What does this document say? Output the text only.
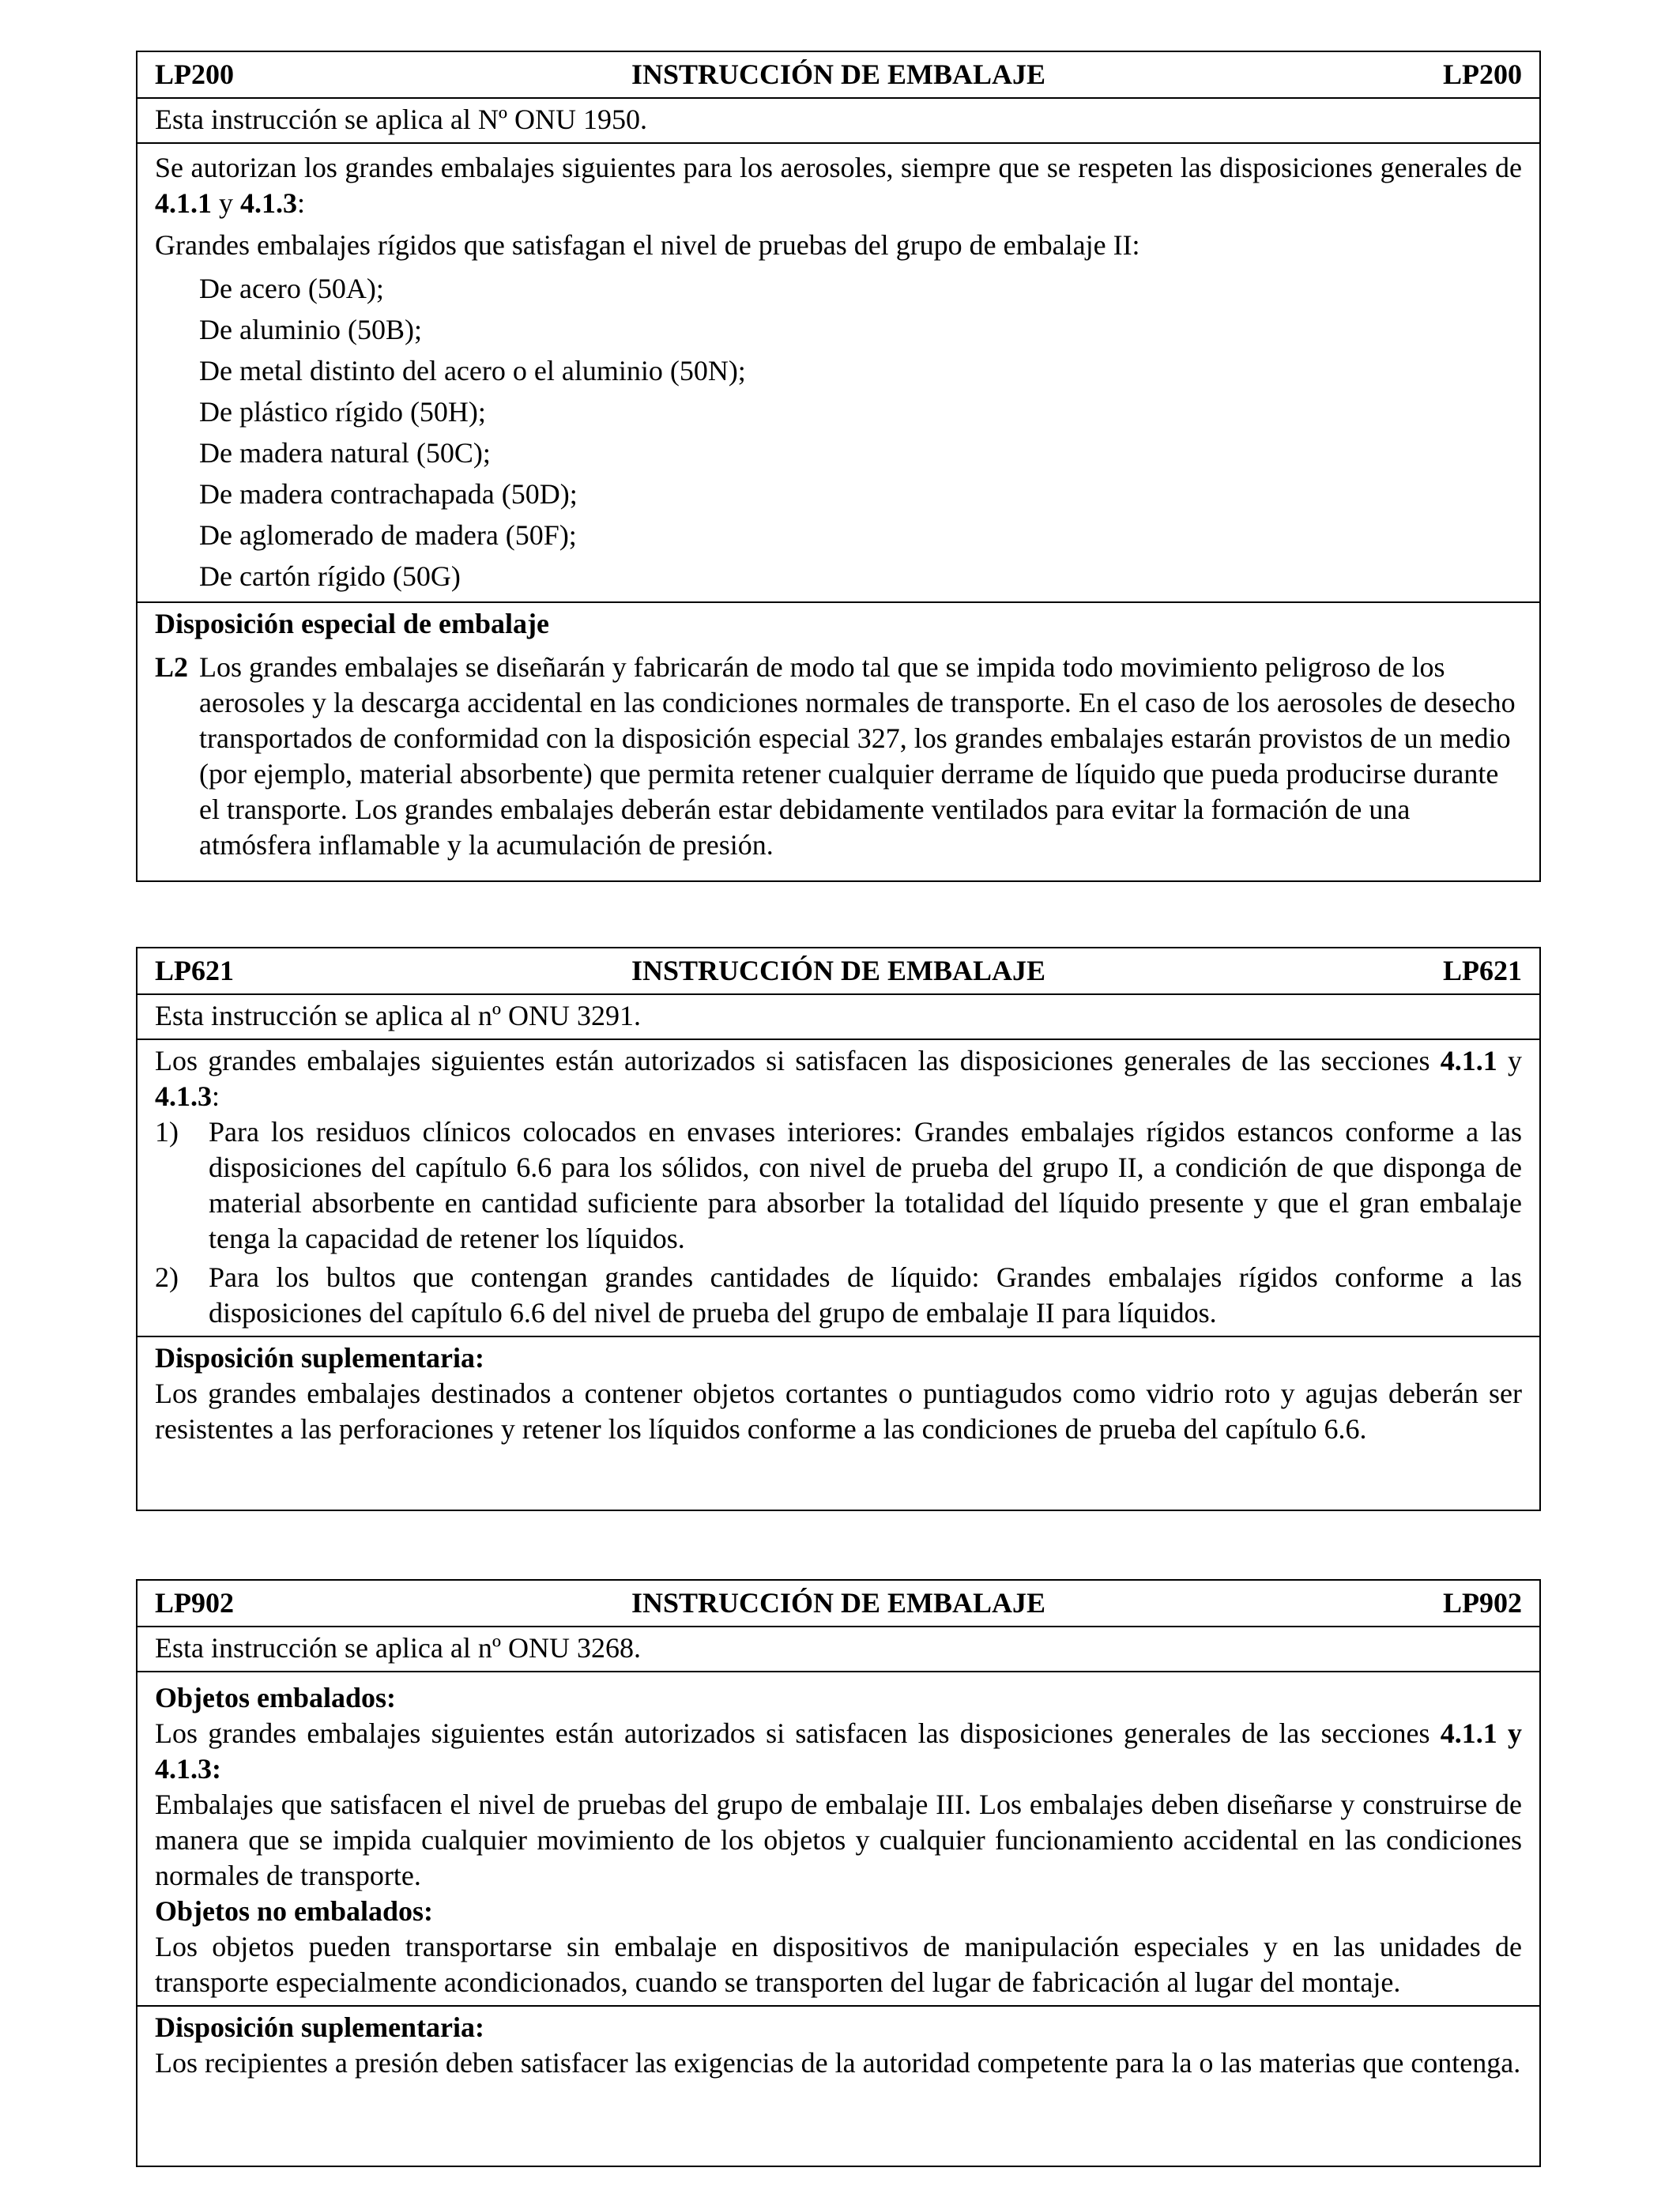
LP200	INSTRUCCIÓN DE EMBALAJE	LP200

Esta instrucción se aplica al Nº ONU 1950.

Se autorizan los grandes embalajes siguientes para los aerosoles, siempre que se respeten las disposiciones generales de 4.1.1 y 4.1.3:

Grandes embalajes rígidos que satisfagan el nivel de pruebas del grupo de embalaje II:

De acero (50A);

De aluminio (50B);

De metal distinto del acero o el aluminio (50N);

De plástico rígido (50H);

De madera natural (50C);

De madera contrachapada (50D);

De aglomerado de madera (50F);

De cartón rígido (50G)

Disposición especial de embalaje

L2 Los grandes embalajes se diseñarán y fabricarán de modo tal que se impida todo movimiento peligroso de los aerosoles y la descarga accidental en las condiciones normales de transporte. En el caso de los aerosoles de desecho transportados de conformidad con la disposición especial 327, los grandes embalajes estarán provistos de un medio (por ejemplo, material absorbente) que permita retener cualquier derrame de líquido que pueda producirse durante el transporte. Los grandes embalajes deberán estar debidamente ventilados para evitar la formación de una atmósfera inflamable y la acumulación de presión.
LP621	INSTRUCCIÓN DE EMBALAJE	LP621

Esta instrucción se aplica al nº ONU 3291.

Los grandes embalajes siguientes están autorizados si satisfacen las disposiciones generales de las secciones 4.1.1 y 4.1.3:

1)	Para los residuos clínicos colocados en envases interiores: Grandes embalajes rígidos estancos conforme a las disposiciones del capítulo 6.6 para los sólidos, con nivel de prueba del grupo II, a condición de que disponga de material absorbente en cantidad suficiente para absorber la totalidad del líquido presente y que el gran embalaje tenga la capacidad de retener los líquidos.
2)	Para los bultos que contengan grandes cantidades de líquido: Grandes embalajes rígidos conforme a las disposiciones del capítulo 6.6 del nivel de prueba del grupo de embalaje II para líquidos.

Disposición suplementaria:

Los grandes embalajes destinados a contener objetos cortantes o puntiagudos como vidrio roto y agujas deberán ser resistentes a las perforaciones y retener los líquidos conforme a las condiciones de prueba del capítulo 6.6.

LP902	INSTRUCCIÓN DE EMBALAJE	LP902

Esta instrucción se aplica al nº ONU 3268.

Objetos embalados:

Los grandes embalajes siguientes están autorizados si satisfacen las disposiciones generales de las secciones 4.1.1 y 4.1.3:

Embalajes que satisfacen el nivel de pruebas del grupo de embalaje III. Los embalajes deben diseñarse y construirse de manera que se impida cualquier movimiento de los objetos y cualquier funcionamiento accidental en las condiciones normales de transporte.

Objetos no embalados:

Los objetos pueden transportarse sin embalaje en dispositivos de manipulación especiales y en las unidades de transporte especialmente acondicionados, cuando se transporten del lugar de fabricación al lugar del montaje.

Disposición suplementaria:

Los recipientes a presión deben satisfacer las exigencias de la autoridad competente para la o las materias que contenga.
